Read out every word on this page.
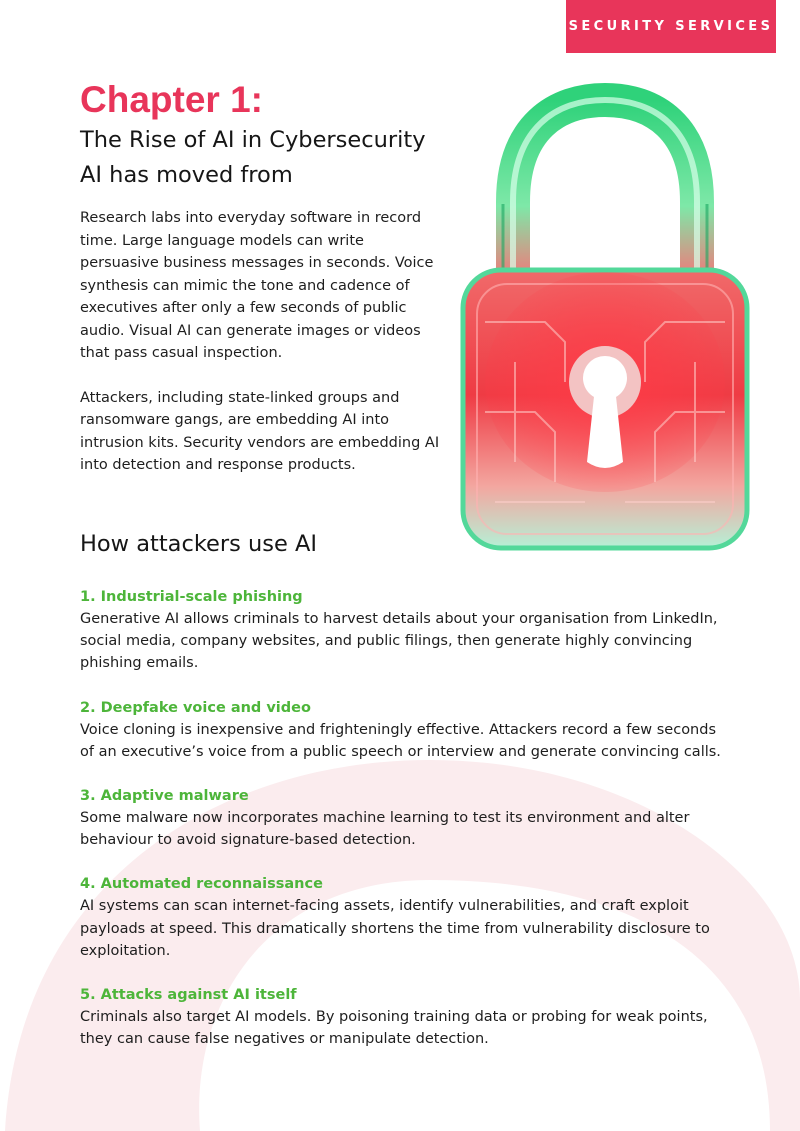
SECURITY SERVICES
Chapter 1:
The Rise of AI in Cybersecurity
AI has moved from

Research labs into everyday software in record time. Large language models can write persuasive business messages in seconds. Voice synthesis can mimic the tone and cadence of executives after only a few seconds of public audio. Visual AI can generate images or videos that pass casual inspection.

Attackers, including state-linked groups and ransomware gangs, are embedding AI into intrusion kits. Security vendors are embedding AI into detection and response products.

How attackers use AI
1. Industrial-scale phishing

Generative AI allows criminals to harvest details about your organisation from LinkedIn, social media, company websites, and public filings, then generate highly convincing phishing emails.

2. Deepfake voice and video

Voice cloning is inexpensive and frighteningly effective. Attackers record a few seconds of an executive’s voice from a public speech or interview and generate convincing calls.

3. Adaptive malware

Some malware now incorporates machine learning to test its environment and alter behaviour to avoid signature-based detection.

4. Automated reconnaissance

AI systems can scan internet-facing assets, identify vulnerabilities, and craft exploit payloads at speed. This dramatically shortens the time from vulnerability disclosure to exploitation.

5. Attacks against AI itself

Criminals also target AI models. By poisoning training data or probing for weak points, they can cause false negatives or manipulate detection.
